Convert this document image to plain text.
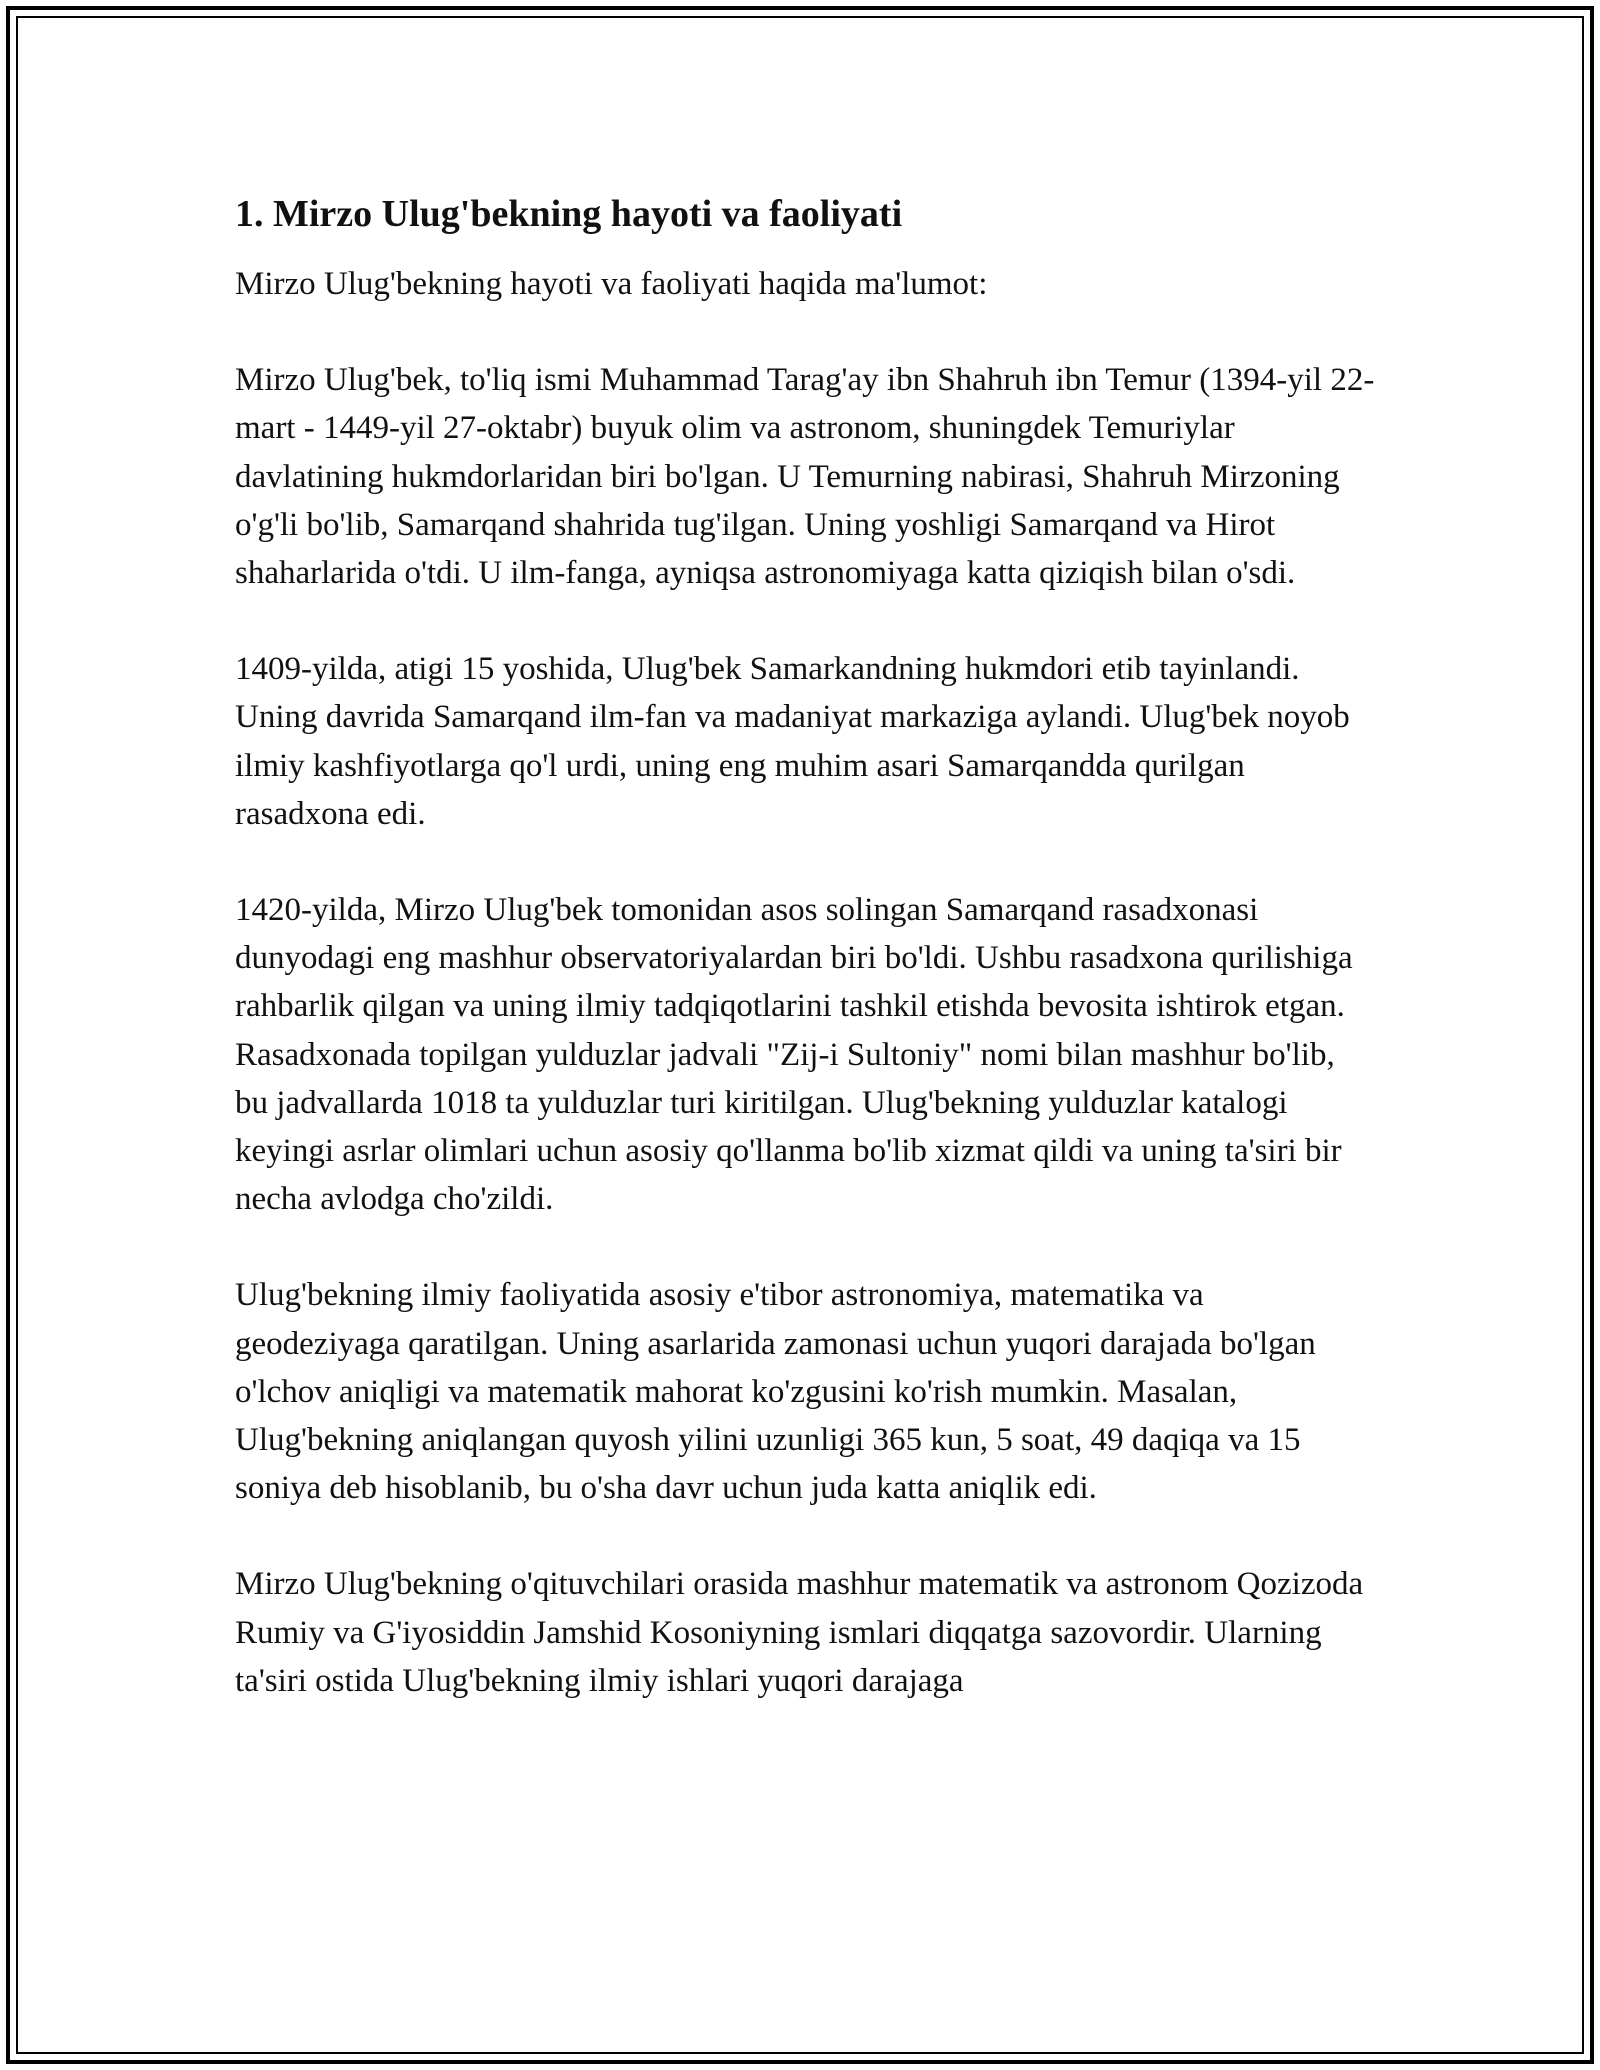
1. Mirzo Ulug'bekning hayoti va faoliyati

Mirzo Ulug'bekning hayoti va faoliyati haqida ma'lumot:

Mirzo Ulug'bek, to'liq ismi Muhammad Tarag'ay ibn Shahruh ibn Temur (1394-yil 22-mart - 1449-yil 27-oktabr) buyuk olim va astronom, shuningdek Temuriylar davlatining hukmdorlaridan biri bo'lgan. U Temurning nabirasi, Shahruh Mirzoning o'g'li bo'lib, Samarqand shahrida tug'ilgan. Uning yoshligi Samarqand va Hirot shaharlarida o'tdi. U ilm-fanga, ayniqsa astronomiyaga katta qiziqish bilan o'sdi.

1409-yilda, atigi 15 yoshida, Ulug'bek Samarkandning hukmdori etib tayinlandi. Uning davrida Samarqand ilm-fan va madaniyat markaziga aylandi. Ulug'bek noyob ilmiy kashfiyotlarga qo'l urdi, uning eng muhim asari Samarqandda qurilgan rasadxona edi.

1420-yilda, Mirzo Ulug'bek tomonidan asos solingan Samarqand rasadxonasi dunyodagi eng mashhur observatoriyalardan biri bo'ldi. Ushbu rasadxona qurilishiga rahbarlik qilgan va uning ilmiy tadqiqotlarini tashkil etishda bevosita ishtirok etgan. Rasadxonada topilgan yulduzlar jadvali "Zij-i Sultoniy" nomi bilan mashhur bo'lib, bu jadvallarda 1018 ta yulduzlar turi kiritilgan. Ulug'bekning yulduzlar katalogi keyingi asrlar olimlari uchun asosiy qo'llanma bo'lib xizmat qildi va uning ta'siri bir necha avlodga cho'zildi.

Ulug'bekning ilmiy faoliyatida asosiy e'tibor astronomiya, matematika va geodeziyaga qaratilgan. Uning asarlarida zamonasi uchun yuqori darajada bo'lgan o'lchov aniqligi va matematik mahorat ko'zgusini ko'rish mumkin. Masalan, Ulug'bekning aniqlangan quyosh yilini uzunligi 365 kun, 5 soat, 49 daqiqa va 15 soniya deb hisoblanib, bu o'sha davr uchun juda katta aniqlik edi.

Mirzo Ulug'bekning o'qituvchilari orasida mashhur matematik va astronom Qozizoda Rumiy va G'iyosiddin Jamshid Kosoniyning ismlari diqqatga sazovordir. Ularning ta'siri ostida Ulug'bekning ilmiy ishlari yuqori darajaga
